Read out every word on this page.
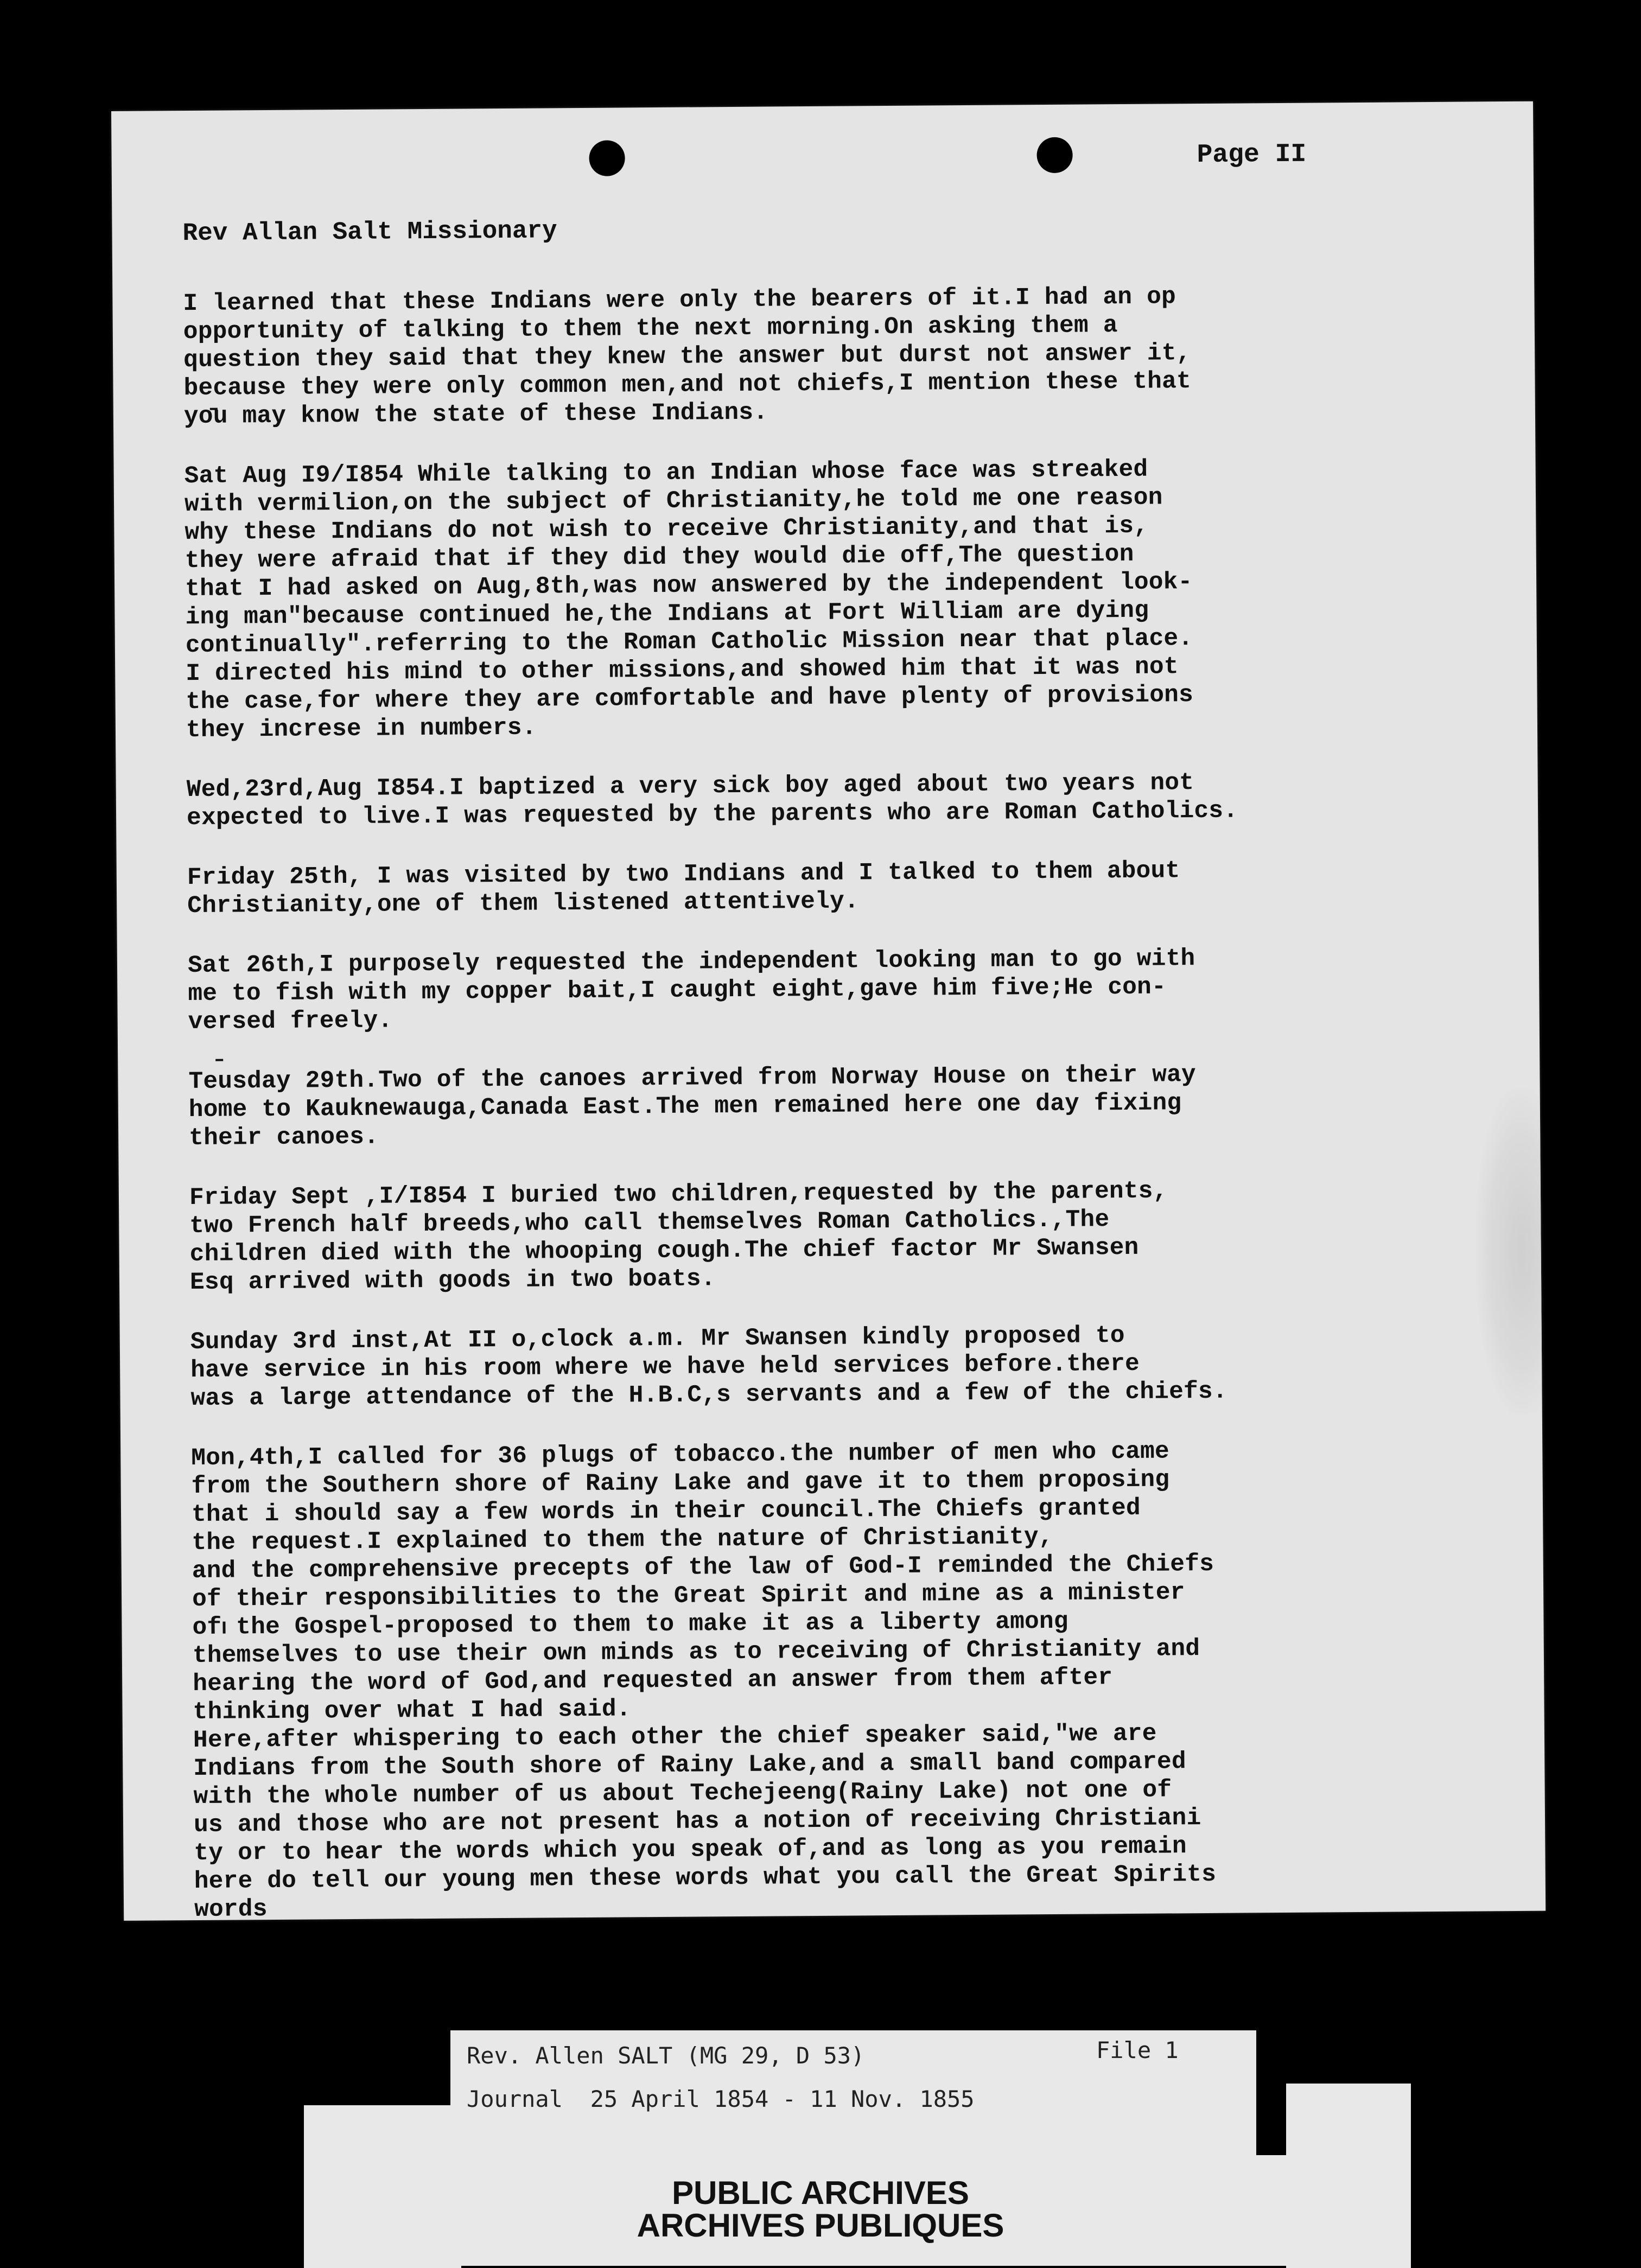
Page II
Rev Allan Salt Missionary
I learned that these Indians were only the bearers of it.I had an op
opportunity of talking to them the next morning.On asking them a
question they said that they knew the answer but durst not answer it,
because they were only common men,and not chiefs,I mention these that
you may know the state of these Indians.
Sat Aug I9/I854 While talking to an Indian whose face was streaked
with vermilion,on the subject of Christianity,he told me one reason
why these Indians do not wish to receive Christianity,and that is,
they were afraid that if they did they would die off,The question
that I had asked on Aug,8th,was now answered by the independent look-
ing man"because continued he,the Indians at Fort William are dying
continually".referring to the Roman Catholic Mission near that place.
I directed his mind to other missions,and showed him that it was not
the case,for where they are comfortable and have plenty of provisions
they increse in numbers.
Wed,23rd,Aug I854.I baptized a very sick boy aged about two years not
expected to live.I was requested by the parents who are Roman Catholics.
Friday 25th, I was visited by two Indians and I talked to them about
Christianity,one of them listened attentively.
Sat 26th,I purposely requested the independent looking man to go with
me to fish with my copper bait,I caught eight,gave him five;He con-
versed freely.
Teusday 29th.Two of the canoes arrived from Norway House on their way
home to Kauknewauga,Canada East.The men remained here one day fixing
their canoes.
Friday Sept ,I/I854 I buried two children,requested by the parents,
two French half breeds,who call themselves Roman Catholics.,The
children died with the whooping cough.The chief factor Mr Swansen
Esq arrived with goods in two boats.
Sunday 3rd inst,At II o,clock a.m. Mr Swansen kindly proposed to
have service in his room where we have held services before.there
was a large attendance of the H.B.C,s servants and a few of the chiefs.
Mon,4th,I called for 36 plugs of tobacco.the number of men who came
from the Southern shore of Rainy Lake and gave it to them proposing
that i should say a few words in their council.The Chiefs granted
the request.I explained to them the nature of Christianity,
and the comprehensive precepts of the law of God-I reminded the Chiefs
of their responsibilities to the Great Spirit and mine as a minister
of the Gospel-proposed to them to make it as a liberty among
themselves to use their own minds as to receiving of Christianity and
hearing the word of God,and requested an answer from them after
thinking over what I had said.
Here,after whispering to each other the chief speaker said,"we are
Indians from the South shore of Rainy Lake,and a small band compared
with the whole number of us about Techejeeng(Rainy Lake) not one of
us and those who are not present has a notion of receiving Christiani
ty or to hear the words which you speak of,and as long as you remain
here do tell our young men these words what you call the Great Spirits
words
Rev. Allen SALT (MG 29, D 53)	File 1
Journal  25 April 1854 - 11 Nov. 1855
PUBLIC ARCHIVES
ARCHIVES PUBLIQUES
